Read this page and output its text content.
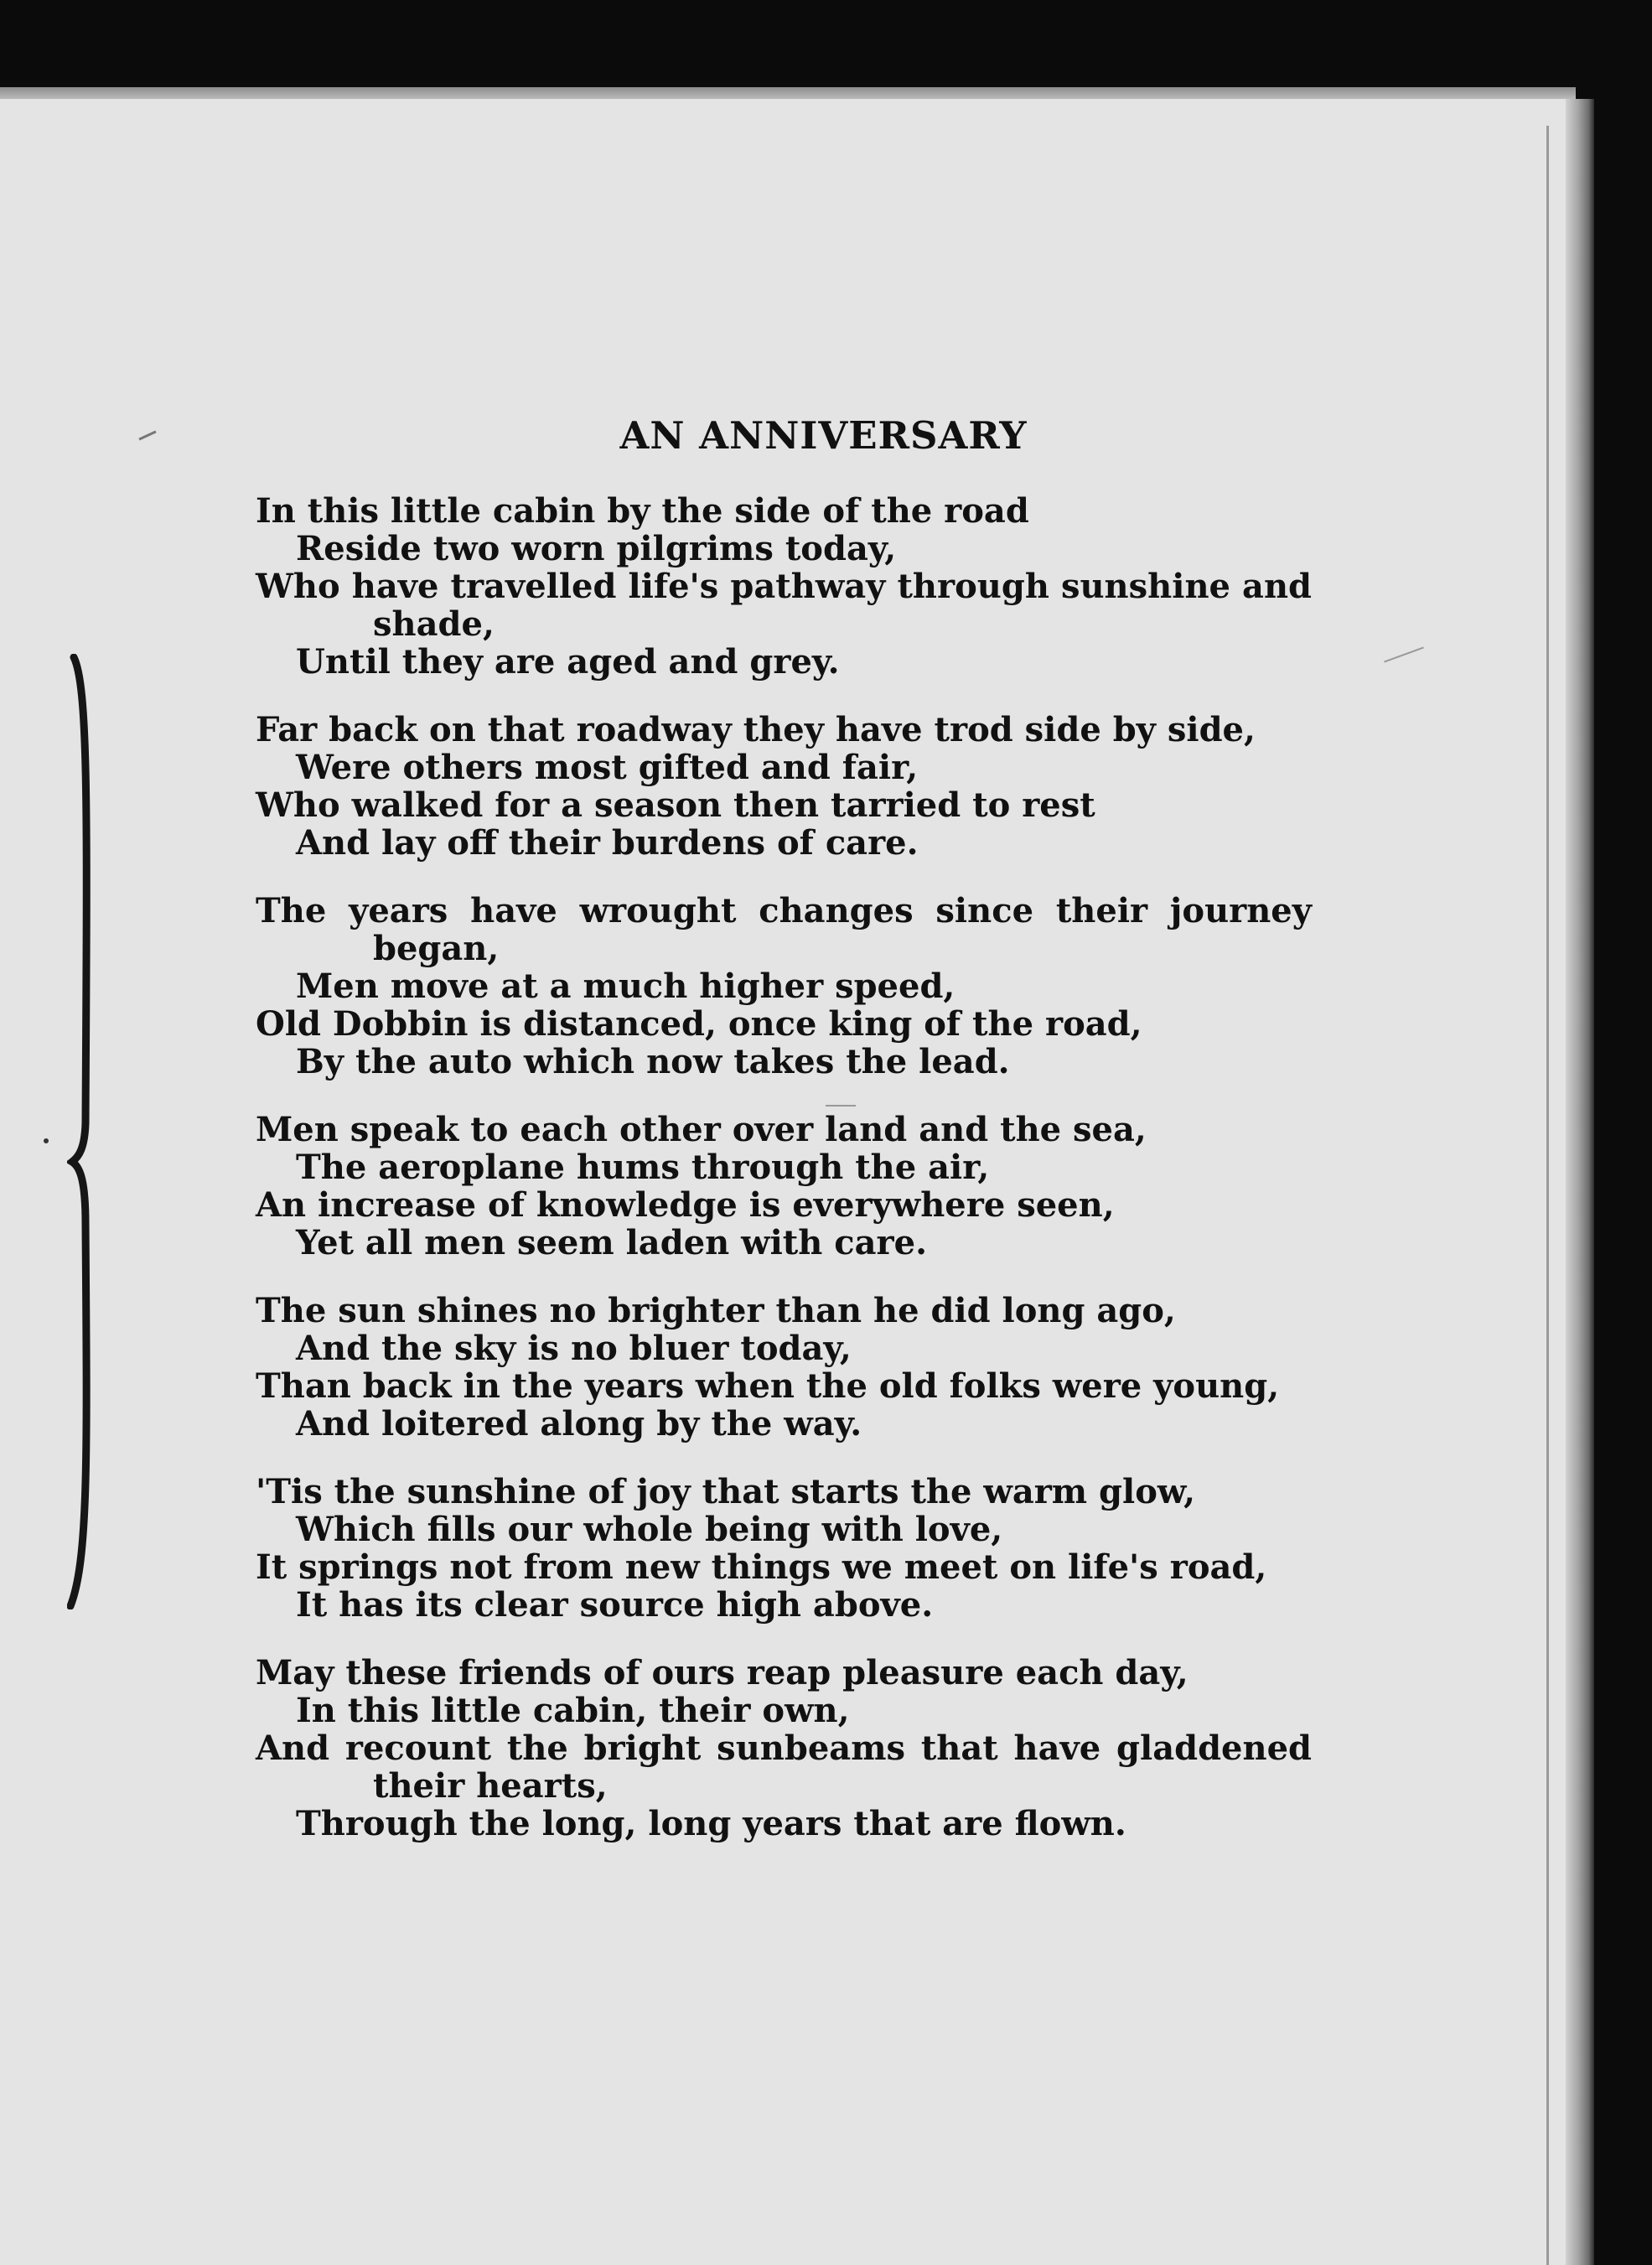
AN ANNIVERSARY
In this little cabin by the side of the road
Reside two worn pilgrims today,
Who have travelled life's pathway through sunshine and
shade,
Until they are aged and grey.
Far back on that roadway they have trod side by side,
Were others most gifted and fair,
Who walked for a season then tarried to rest
And lay off their burdens of care.
The years have wrought changes since their journey
began,
Men move at a much higher speed,
Old Dobbin is distanced, once king of the road,
By the auto which now takes the lead.
Men speak to each other over land and the sea,
The aeroplane hums through the air,
An increase of knowledge is everywhere seen,
Yet all men seem laden with care.
The sun shines no brighter than he did long ago,
And the sky is no bluer today,
Than back in the years when the old folks were young,
And loitered along by the way.
'Tis the sunshine of joy that starts the warm glow,
Which fills our whole being with love,
It springs not from new things we meet on life's road,
It has its clear source high above.
May these friends of ours reap pleasure each day,
In this little cabin, their own,
And recount the bright sunbeams that have gladdened
their hearts,
Through the long, long years that are flown.
